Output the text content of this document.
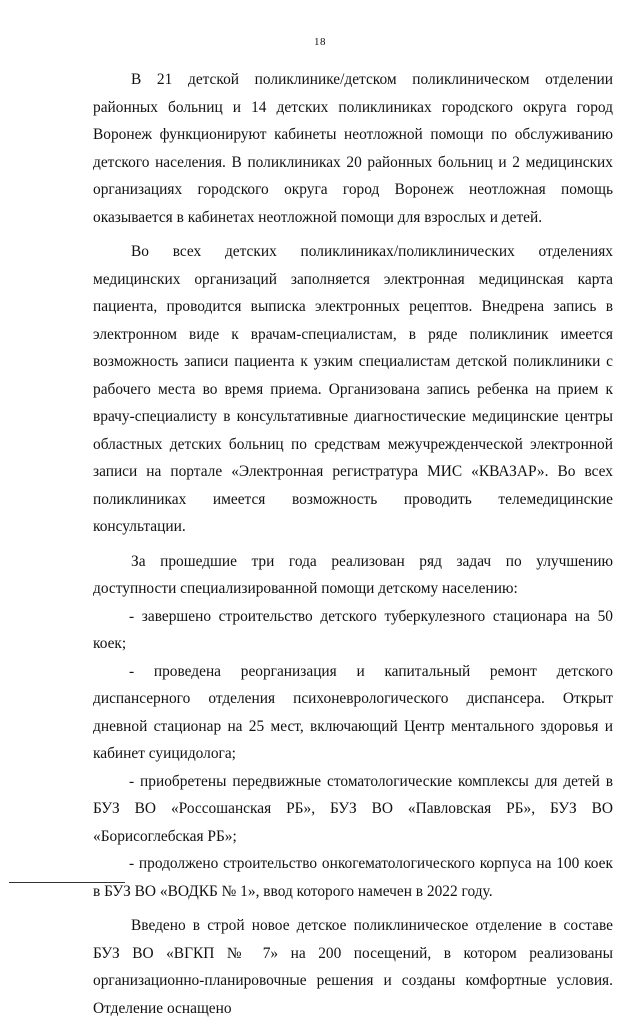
18

В 21 детской поликлинике/детском поликлиническом отделении районных больниц и 14 детских поликлиниках городского округа город Воронеж функционируют кабинеты неотложной помощи по обслуживанию детского населения. В поликлиниках 20 районных больниц и 2 медицинских организациях городского округа город Воронеж неотложная помощь оказывается в кабинетах неотложной помощи для взрослых и детей.

Во всех детских поликлиниках/поликлинических отделениях медицинских организаций заполняется электронная медицинская карта пациента, проводится выписка электронных рецептов. Внедрена запись в электронном виде к врачам-специалистам, в ряде поликлиник имеется возможность записи пациента к узким специалистам детской поликлиники с рабочего места во время приема. Организована запись ребенка на прием к врачу-специалисту в консультативные диагностические медицинские центры областных детских больниц по средствам межучрежденческой электронной записи на портале «Электронная регистратура МИС «КВАЗАР». Во всех поликлиниках имеется возможность проводить телемедицинские консультации.

За прошедшие три года реализован ряд задач по улучшению доступности специализированной помощи детскому населению:

- завершено строительство детского туберкулезного стационара на 50 коек;

- проведена реорганизация и капитальный ремонт детского диспансерного отделения психоневрологического диспансера. Открыт дневной стационар на 25 мест, включающий Центр ментального здоровья и кабинет суицидолога;

- приобретены передвижные стоматологические комплексы для детей в БУЗ ВО «Россошанская РБ», БУЗ ВО «Павловская РБ», БУЗ ВО «Борисоглебская РБ»;

- продолжено строительство онкогематологического корпуса на 100 коек в БУЗ ВО «ВОДКБ № 1», ввод которого намечен в 2022 году.

Введено в строй новое детское поликлиническое отделение в составе БУЗ ВО «ВГКП № 7» на 200 посещений, в котором реализованы организационно-планировочные решения и созданы комфортные условия. Отделение оснащено
